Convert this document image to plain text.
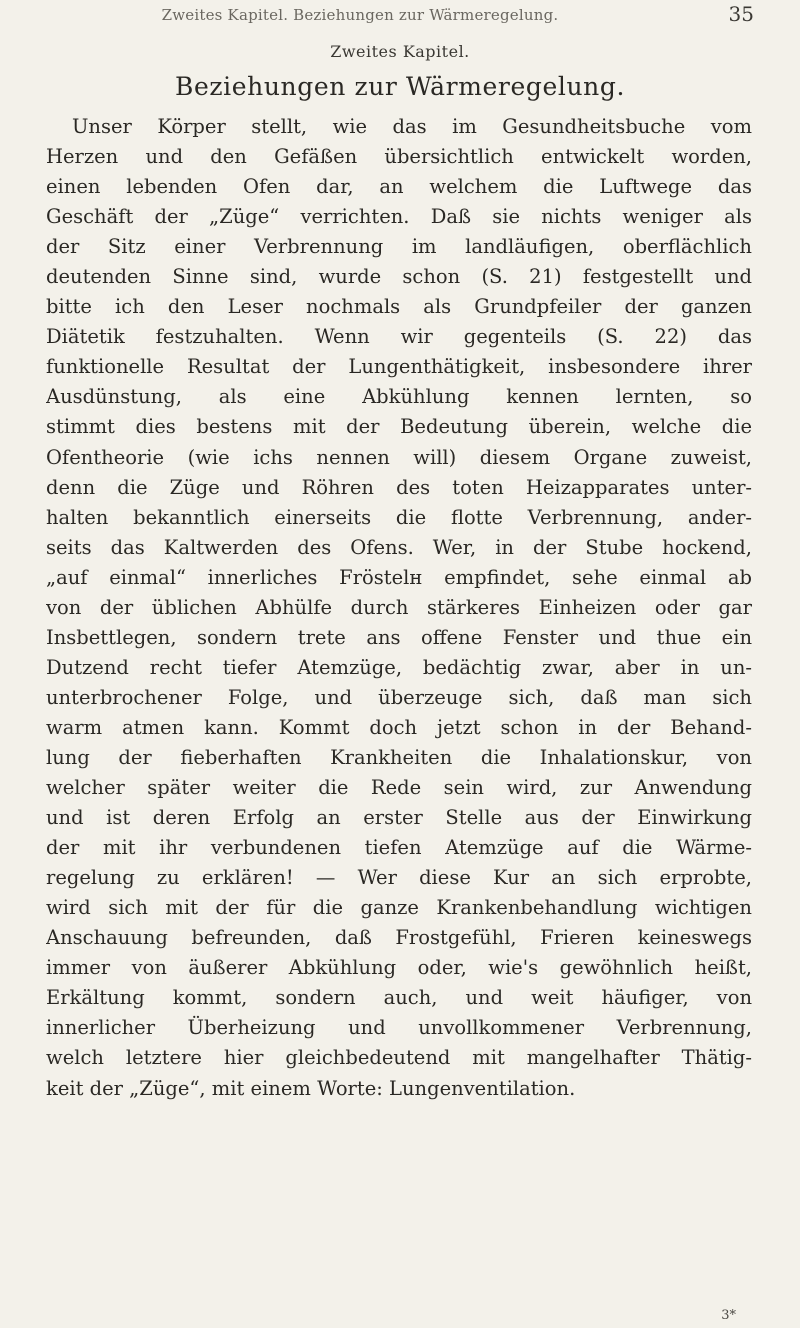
Zweites Kapitel. Beziehungen zur Wärmeregelung.	35
Zweites Kapitel.
Beziehungen zur Wärmeregelung.
Unser Körper stellt, wie das im Gesundheitsbuche vom
Herzen und den Gefäßen übersichtlich entwickelt worden,
einen lebenden Ofen dar, an welchem die Luftwege das
Geschäft der „Züge“ verrichten. Daß sie nichts weniger als
der Sitz einer Verbrennung im landläufigen, oberflächlich
deutenden Sinne sind, wurde schon (S. 21) festgestellt und
bitte ich den Leser nochmals als Grundpfeiler der ganzen
Diätetik festzuhalten. Wenn wir gegenteils (S. 22) das
funktionelle Resultat der Lungenthätigkeit, insbesondere ihrer
Ausdünstung, als eine Abkühlung kennen lernten, so
stimmt dies bestens mit der Bedeutung überein, welche die
Ofentheorie (wie ichs nennen will) diesem Organe zuweist,
denn die Züge und Röhren des toten Heizapparates unter-
halten bekanntlich einerseits die flotte Verbrennung, ander-
seits das Kaltwerden des Ofens. Wer, in der Stube hockend,
„auf einmal“ innerliches Fröstelн empfindet, sehe einmal ab
von der üblichen Abhülfe durch stärkeres Einheizen oder gar
Insbettlegen, sondern trete ans offene Fenster und thue ein
Dutzend recht tiefer Atemzüge, bedächtig zwar, aber in un-
unterbrochener Folge, und überzeuge sich, daß man sich
warm atmen kann. Kommt doch jetzt schon in der Behand-
lung der fieberhaften Krankheiten die Inhalationskur, von
welcher später weiter die Rede sein wird, zur Anwendung
und ist deren Erfolg an erster Stelle aus der Einwirkung
der mit ihr verbundenen tiefen Atemzüge auf die Wärme-
regelung zu erklären! — Wer diese Kur an sich erprobte,
wird sich mit der für die ganze Krankenbehandlung wichtigen
Anschauung befreunden, daß Frostgefühl, Frieren keineswegs
immer von äußerer Abkühlung oder, wie's gewöhnlich heißt,
Erkältung kommt, sondern auch, und weit häufiger, von
innerlicher Überheizung und unvollkommener Verbrennung,
welch letztere hier gleichbedeutend mit mangelhafter Thätig-
keit der „Züge“, mit einem Worte: Lungenventilation.
3*
